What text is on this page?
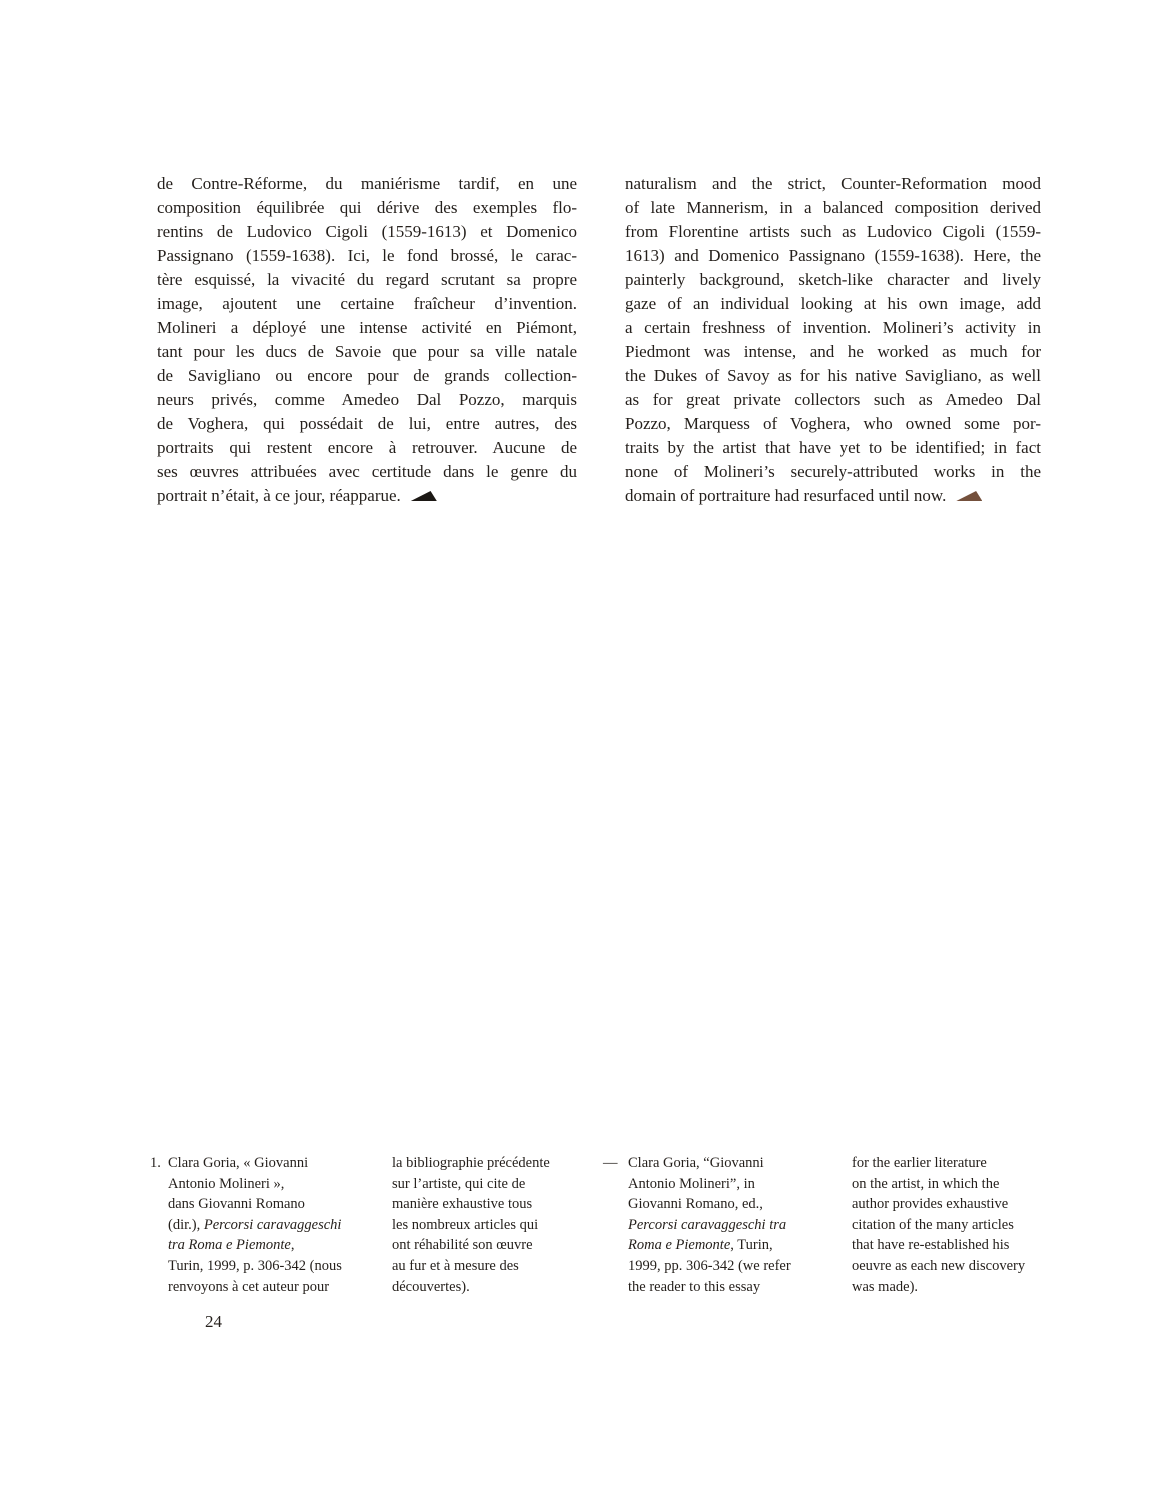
de Contre-Réforme, du maniérisme tardif, en une
composition équilibrée qui dérive des exemples flo-
rentins de Ludovico Cigoli (1559-1613) et Domenico
Passignano (1559-1638). Ici, le fond brossé, le carac-
tère esquissé, la vivacité du regard scrutant sa propre
image, ajoutent une certaine fraîcheur d’invention.
Molineri a déployé une intense activité en Piémont,
tant pour les ducs de Savoie que pour sa ville natale
de Savigliano ou encore pour de grands collection-
neurs privés, comme Amedeo Dal Pozzo, marquis
de Voghera, qui possédait de lui, entre autres, des
portraits qui restent encore à retrouver. Aucune de
ses œuvres attribuées avec certitude dans le genre du
portrait n’était, à ce jour, réapparue.
naturalism and the strict, Counter-Reformation mood
of late Mannerism, in a balanced composition derived
from Florentine artists such as Ludovico Cigoli (1559-
1613) and Domenico Passignano (1559-1638). Here, the
painterly background, sketch-like character and lively
gaze of an individual looking at his own image, add
a certain freshness of invention. Molineri’s activity in
Piedmont was intense, and he worked as much for
the Dukes of Savoy as for his native Savigliano, as well
as for great private collectors such as Amedeo Dal
Pozzo, Marquess of Voghera, who owned some por-
traits by the artist that have yet to be identified; in fact
none of Molineri’s securely-attributed works in the
domain of portraiture had resurfaced until now.
1. Clara Goria, « Giovanni
Antonio Molineri »,
dans Giovanni Romano
(dir.), Percorsi caravaggeschi
tra Roma e Piemonte,
Turin, 1999, p. 306-342 (nous
renvoyons à cet auteur pour
la bibliographie précédente
sur l’artiste, qui cite de
manière exhaustive tous
les nombreux articles qui
ont réhabilité son œuvre
au fur et à mesure des
découvertes).
— Clara Goria, “Giovanni
Antonio Molineri”, in
Giovanni Romano, ed.,
Percorsi caravaggeschi tra
Roma e Piemonte, Turin,
1999, pp. 306-342 (we refer
the reader to this essay
for the earlier literature
on the artist, in which the
author provides exhaustive
citation of the many articles
that have re-established his
oeuvre as each new discovery
was made).
24
